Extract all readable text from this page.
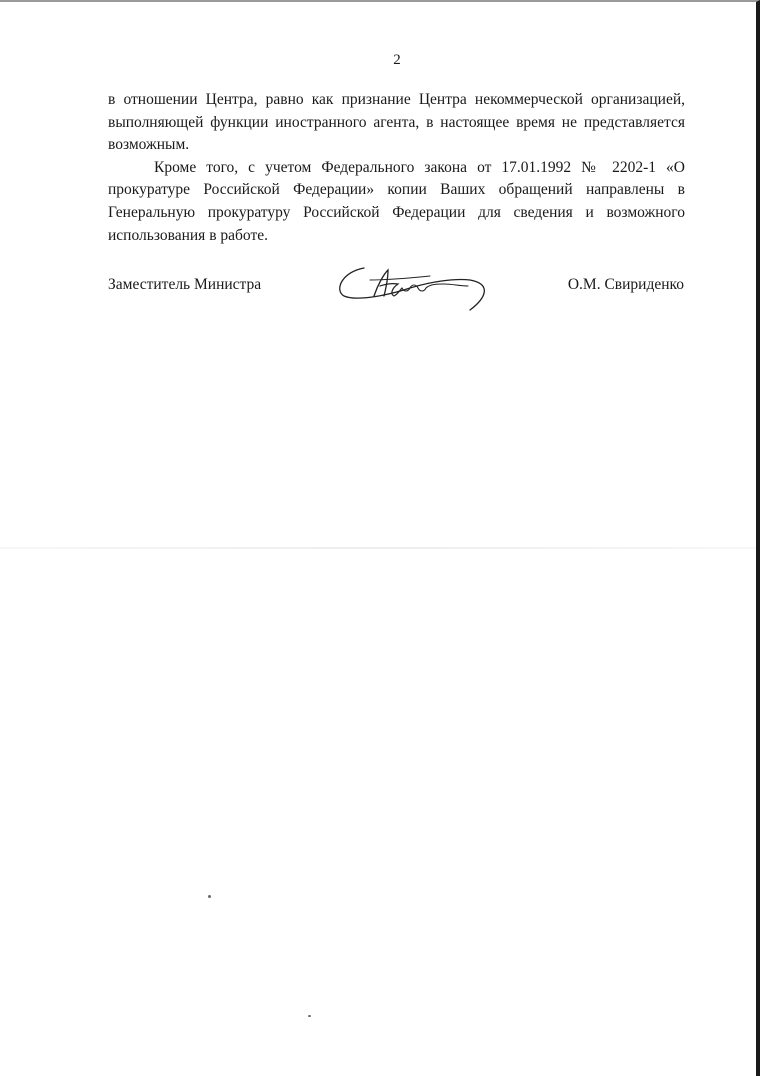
2

в отношении Центра, равно как признание Центра некоммерческой организацией, выполняющей функции иностранного агента, в настоящее время не представляется возможным.

Кроме того, с учетом Федерального закона от 17.01.1992 № 2202-1 «О прокуратуре Российской Федерации» копии Ваших обращений направлены в Генеральную прокуратуру Российской Федерации для сведения и возможного использования в работе.

Заместитель Министра	О.М. Свириденко
